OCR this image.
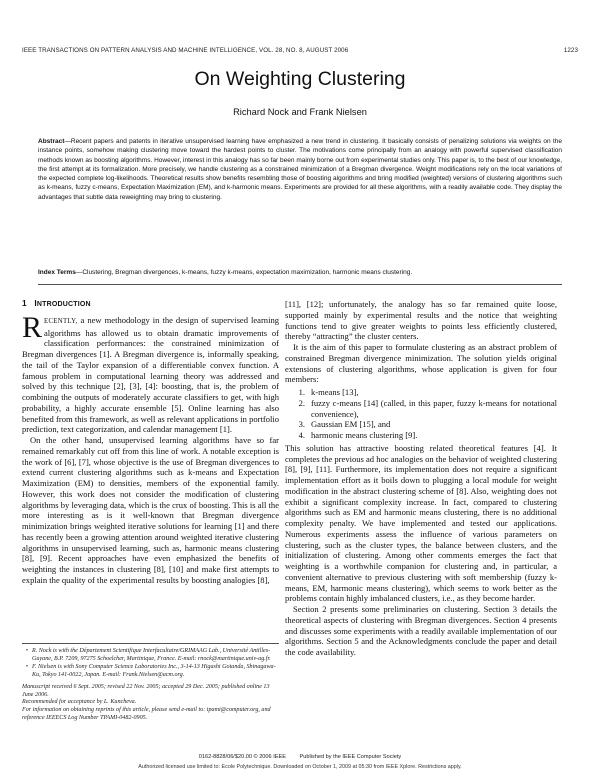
IEEE TRANSACTIONS ON PATTERN ANALYSIS AND MACHINE INTELLIGENCE, VOL. 28, NO. 8, AUGUST 2006	1223
On Weighting Clustering
Richard Nock and Frank Nielsen
Abstract—Recent papers and patents in iterative unsupervised learning have emphasized a new trend in clustering. It basically consists of penalizing solutions via weights on the instance points, somehow making clustering move toward the hardest points to cluster. The motivations come principally from an analogy with powerful supervised classification methods known as boosting algorithms. However, interest in this analogy has so far been mainly borne out from experimental studies only. This paper is, to the best of our knowledge, the first attempt at its formalization. More precisely, we handle clustering as a constrained minimization of a Bregman divergence. Weight modifications rely on the local variations of the expected complete log-likelihoods. Theoretical results show benefits resembling those of boosting algorithms and bring modified (weighted) versions of clustering algorithms such as k-means, fuzzy c-means, Expectation Maximization (EM), and k-harmonic means. Experiments are provided for all these algorithms, with a readily available code. They display the advantages that subtle data reweighting may bring to clustering.
Index Terms—Clustering, Bregman divergences, k-means, fuzzy k-means, expectation maximization, harmonic means clustering.
1 INTRODUCTION

RECENTLY, a new methodology in the design of supervised learning algorithms has allowed us to obtain dramatic improvements of classification performances: the constrained minimization of Bregman divergences [1]. A Bregman divergence is, informally speaking, the tail of the Taylor expansion of a differentiable convex function. A famous problem in computational learning theory was addressed and solved by this technique [2], [3], [4]: boosting, that is, the problem of combining the outputs of moderately accurate classifiers to get, with high probability, a highly accurate ensemble [5]. Online learning has also benefited from this framework, as well as relevant applications in portfolio prediction, text categorization, and calendar management [1].

On the other hand, unsupervised learning algorithms have so far remained remarkably cut off from this line of work. A notable exception is the work of [6], [7], whose objective is the use of Bregman divergences to extend current clustering algorithms such as k-means and Expectation Maximization (EM) to densities, members of the exponential family. However, this work does not consider the modification of clustering algorithms by leveraging data, which is the crux of boosting. This is all the more interesting as is it well-known that Bregman divergence minimization brings weighted iterative solutions for learning [1] and there has recently been a growing attention around weighted iterative clustering algorithms in unsupervised learning, such as, harmonic means clustering [8], [9]. Recent approaches have even emphasized the benefits of weighting the instances in clustering [8], [10] and make first attempts to explain the quality of the experimental results by boosting analogies [8],

[11], [12]; unfortunately, the analogy has so far remained quite loose, supported mainly by experimental results and the notice that weighting functions tend to give greater weights to points less efficiently clustered, thereby “attracting” the cluster centers.

It is the aim of this paper to formulate clustering as an abstract problem of constrained Bregman divergence minimization. The solution yields original extensions of clustering algorithms, whose application is given for four members:

1. k-means [13],
2. fuzzy c-means [14] (called, in this paper, fuzzy k-means for notational convenience),
3. Gaussian EM [15], and
4. harmonic means clustering [9].

This solution has attractive boosting related theoretical features [4]. It completes the previous ad hoc analogies on the behavior of weighted clustering [8], [9], [11]. Furthermore, its implementation does not require a significant implementation effort as it boils down to plugging a local module for weight modification in the abstract clustering scheme of [8]. Also, weighting does not exhibit a significant complexity increase. In fact, compared to clustering algorithms such as EM and harmonic means clustering, there is no additional complexity penalty. We have implemented and tested our applications. Numerous experiments assess the influence of various parameters on clustering, such as the cluster types, the balance between clusters, and the initialization of clustering. Among other comments emerges the fact that weighting is a worthwhile companion for clustering and, in particular, a convenient alternative to previous clustering with soft membership (fuzzy k-means, EM, harmonic means clustering), which seems to work better as the problems contain highly imbalanced clusters, i.e., as they become harder.

Section 2 presents some preliminaries on clustering. Section 3 details the theoretical aspects of clustering with Bregman divergences. Section 4 presents and discusses some experiments with a readily available implementation of our algorithms. Section 5 and the Acknowledgments conclude the paper and detail the code availability.

• R. Nock is with the Département Scientifique Interfacultaire/GRIMAAG Lab., Université Antilles-Guyane, B.P. 7209, 97275 Schoelcher, Martinique, France. E-mail: rnock@martinique.univ-ag.fr.
• F. Nielsen is with Sony Computer Science Laboratories Inc., 3-14-13 Higashi Gotanda, Shinagawa-Ku, Tokyo 141-0022, Japan. E-mail: Frank.Nielsen@acm.org.
Manuscript received 6 Sept. 2005; revised 22 Nov. 2005; accepted 29 Dec. 2005; published online 13 June 2006.
Recommended for acceptance by L. Kuncheva.
For information on obtaining reprints of this article, please send e-mail to: tpami@computer.org, and reference IEEECS Log Number TPAMI-0482-0905.
0162-8828/06/$20.00 © 2006 IEEE Published by the IEEE Computer Society
Authorized licensed use limited to: Ecole Polytechnique. Downloaded on October 1, 2009 at 05:30 from IEEE Xplore. Restrictions apply.
